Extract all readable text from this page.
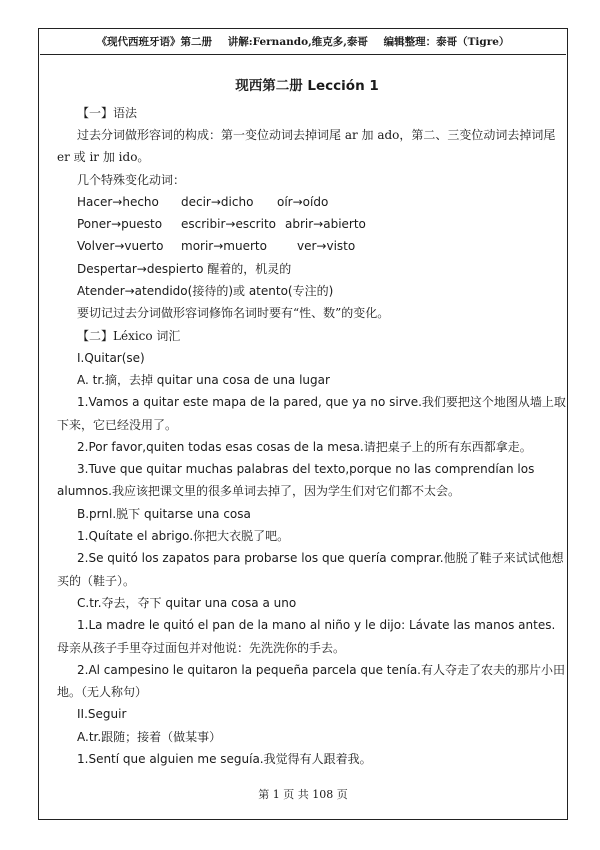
《现代西班牙语》第二册 讲解:Fernando,维克多,泰哥 编辑整理：泰哥（Tigre）
现西第二册 Lección 1
【一】语法

过去分词做形容词的构成：第一变位动词去掉词尾 ar 加 ado，第二、三变位动词去掉词尾 er 或 ir 加 ido。

几个特殊变化动词：

Hacer→hecho decir→dicho oír→oído
Poner→puesto escribir→escrito abrir→abierto
Volver→vuerto morir→muerto	ver→visto

Despertar→despierto 醒着的，机灵的

Atender→atendido(接待的)或 atento(专注的)

要切记过去分词做形容词修饰名词时要有“性、数”的变化。

【二】Léxico 词汇

I.Quitar(se)

A. tr.摘，去掉 quitar una cosa de una lugar

1.Vamos a quitar este mapa de la pared, que ya no sirve.我们要把这个地图从墙上取下来，它已经没用了。

2.Por favor,quiten todas esas cosas de la mesa.请把桌子上的所有东西都拿走。

3.Tuve que quitar muchas palabras del texto,porque no las comprendían los alumnos.我应该把课文里的很多单词去掉了，因为学生们对它们都不太会。

B.prnl.脱下 quitarse una cosa

1.Quítate el abrigo.你把大衣脱了吧。

2.Se quitó los zapatos para probarse los que quería comprar.他脱了鞋子来试试他想买的（鞋子）。

C.tr.夺去，夺下 quitar una cosa a uno

1.La madre le quitó el pan de la mano al niño y le dijo: Lávate las manos antes.母亲从孩子手里夺过面包并对他说：先洗洗你的手去。

2.Al campesino le quitaron la pequeña parcela que tenía.有人夺走了农夫的那片小田地。（无人称句）

II.Seguir

A.tr.跟随；接着（做某事）

1.Sentí que alguien me seguía.我觉得有人跟着我。

第 1 页 共 108 页
